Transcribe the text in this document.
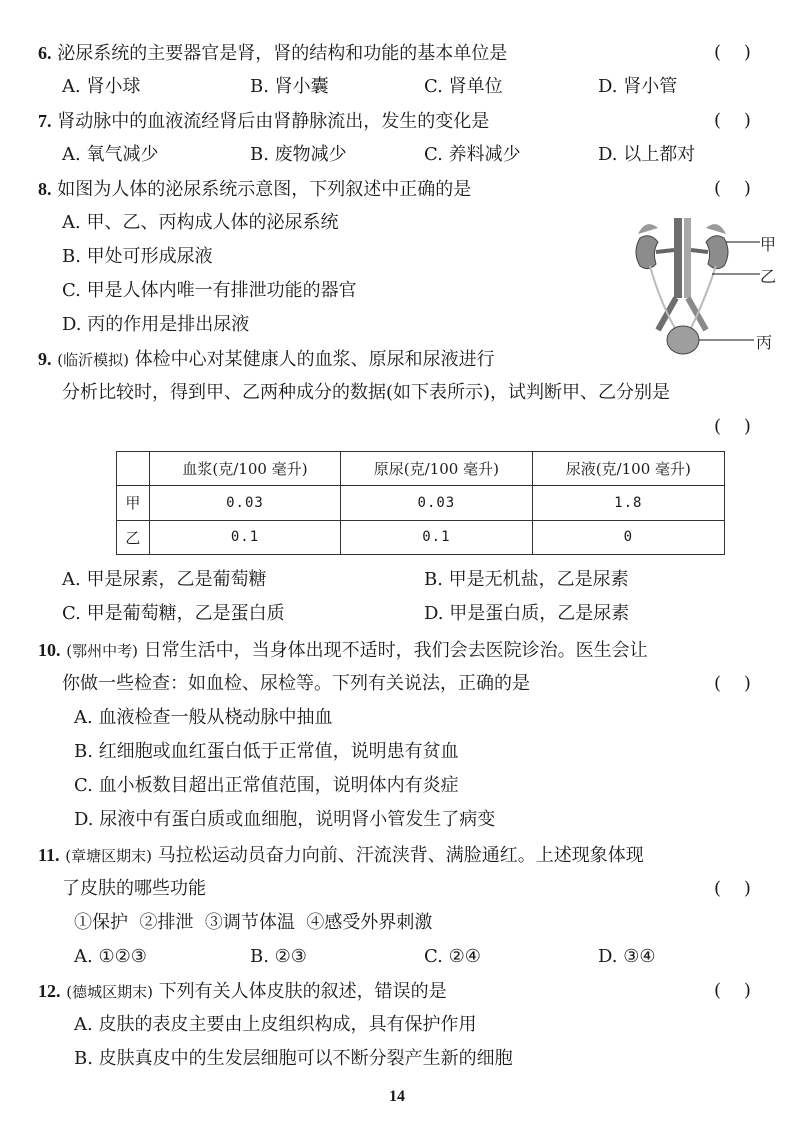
6. 泌尿系统的主要器官是肾，肾的结构和功能的基本单位是	(    )
A. 肾小球	B. 肾小囊	C. 肾单位	D. 肾小管
7. 肾动脉中的血液流经肾后由肾静脉流出，发生的变化是	(    )
A. 氧气减少	B. 废物减少	C. 养料减少	D. 以上都对
8. 如图为人体的泌尿系统示意图，下列叙述中正确的是	(    )
A. 甲、乙、丙构成人体的泌尿系统
B. 甲处可形成尿液
C. 甲是人体内唯一有排泄功能的器官
D. 丙的作用是排出尿液
甲
乙
丙
9. (临沂模拟) 体检中心对某健康人的血浆、原尿和尿液进行
分析比较时，得到甲、乙两种成分的数据(如下表所示)，试判断甲、乙分别是
(    )
	血浆(克/100 毫升)	原尿(克/100 毫升)	尿液(克/100 毫升)
甲	0.03	0.03	1.8
乙	0.1	0.1	0
A. 甲是尿素，乙是葡萄糖	B. 甲是无机盐，乙是尿素
C. 甲是葡萄糖，乙是蛋白质	D. 甲是蛋白质，乙是尿素
10. (鄂州中考) 日常生活中，当身体出现不适时，我们会去医院诊治。医生会让
你做一些检查：如血检、尿检等。下列有关说法，正确的是	(    )
A. 血液检查一般从桡动脉中抽血
B. 红细胞或血红蛋白低于正常值，说明患有贫血
C. 血小板数目超出正常值范围，说明体内有炎症
D. 尿液中有蛋白质或血细胞，说明肾小管发生了病变
11. (章塘区期末) 马拉松运动员奋力向前、汗流浃背、满脸通红。上述现象体现
了皮肤的哪些功能	(    )
①保护  ②排泄  ③调节体温  ④感受外界刺激
A. ①②③	B. ②③	C. ②④	D. ③④
12. (德城区期末) 下列有关人体皮肤的叙述，错误的是	(    )
A. 皮肤的表皮主要由上皮组织构成，具有保护作用
B. 皮肤真皮中的生发层细胞可以不断分裂产生新的细胞
14
